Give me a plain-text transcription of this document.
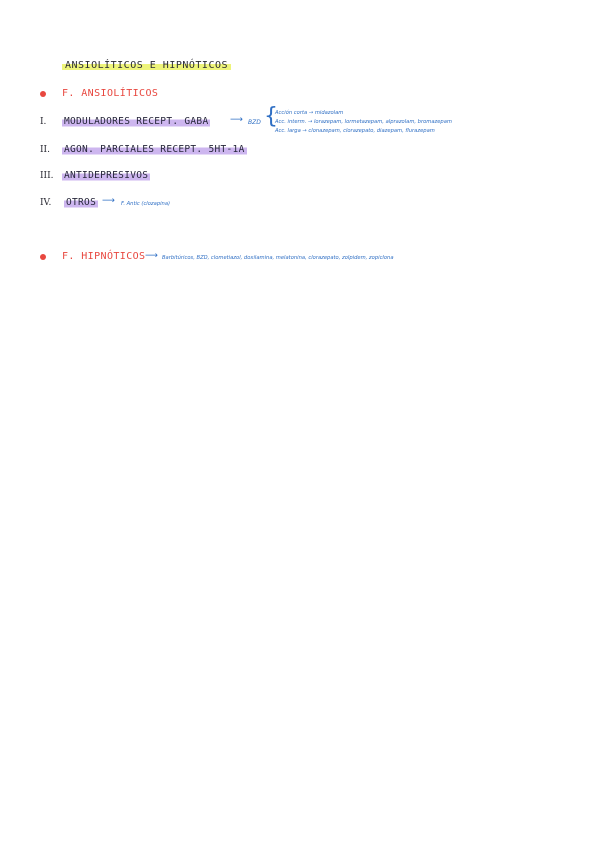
ANSIOLÍTICOS E HIPNÓTICOS
F. ANSIOLÍTICOS
I. MODULADORES RECEPT. GABA ⟶ BZD {
Acción corta → midazolam
Acc. interm. → lorazepam, lormetazepam, alprazolam, bromazepam
Acc. larga → clonazepam, clorazepato, diazepam, flurazepam
II. AGON. PARCIALES RECEPT. 5HT-1A
III. ANTIDEPRESIVOS
IV. OTROS ⟶ F. Antic (clozapina)
F. HIPNÓTICOS ⟶ Barbitúricos, BZD, clometiazol, doxilamina, melatonina, clorazepato, zolpidem, zopiclona
